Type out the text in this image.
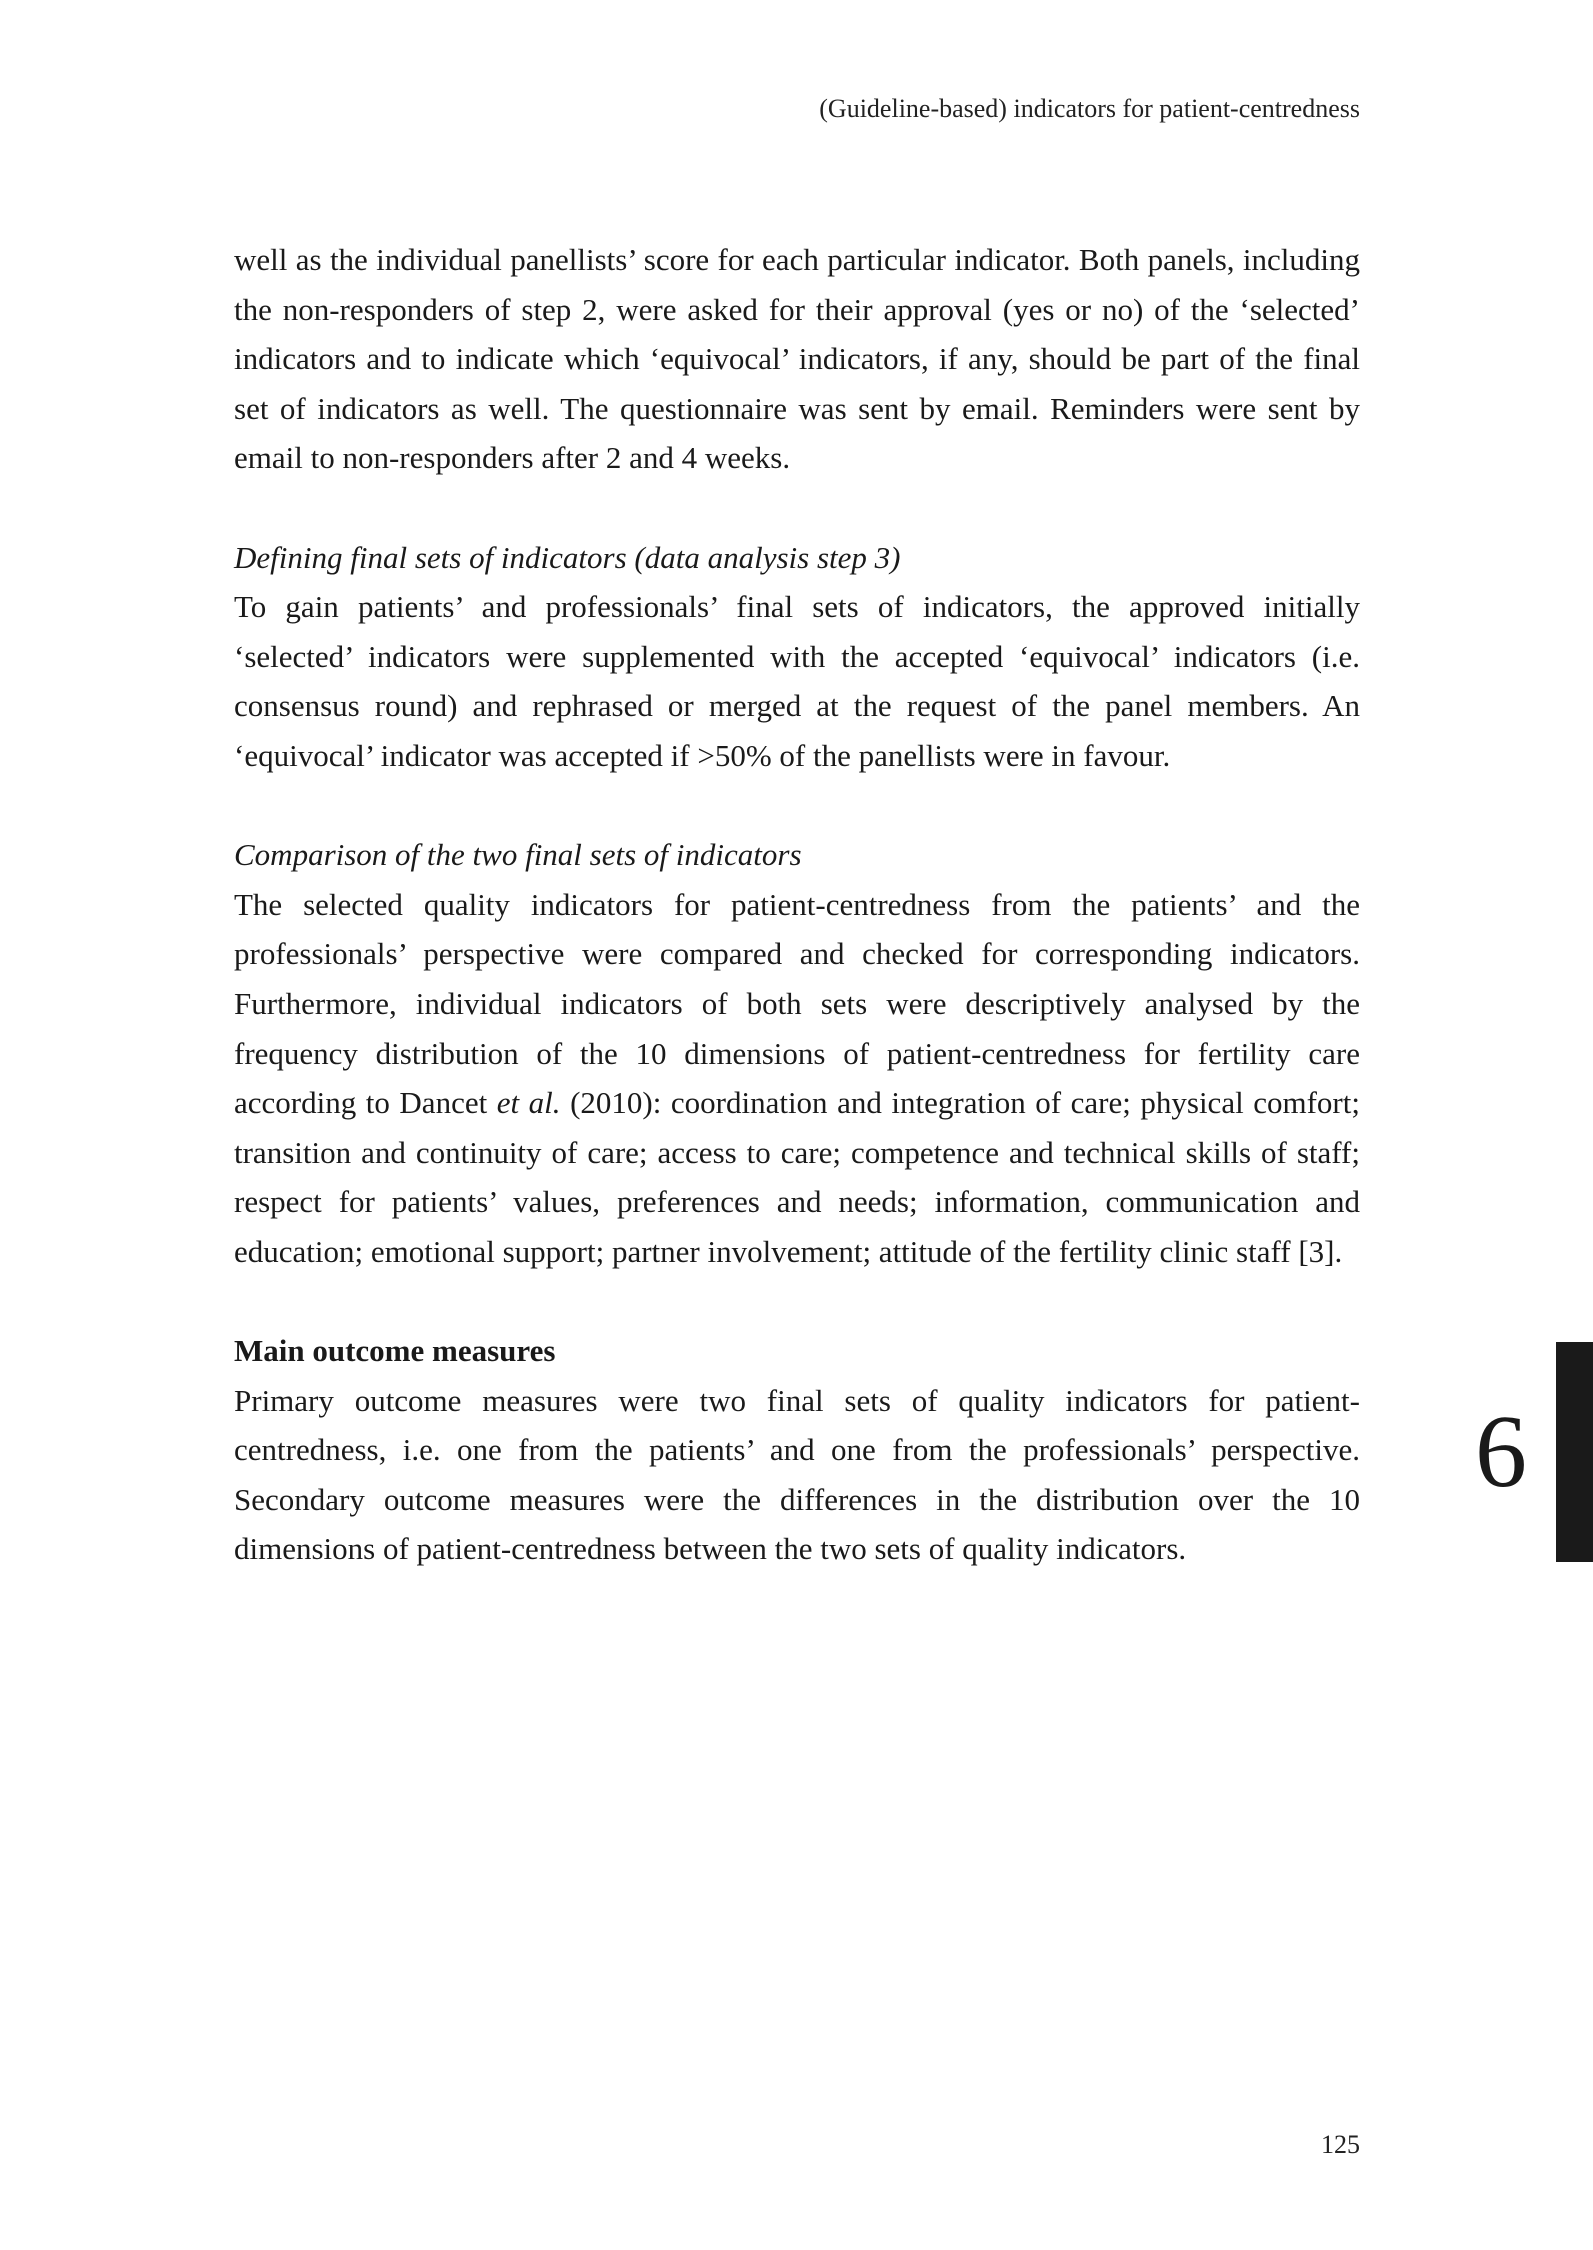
(Guideline-based) indicators for patient-centredness

well as the individual panellists’ score for each particular indicator. Both panels, including the non-responders of step 2, were asked for their approval (yes or no) of the ‘selected’ indicators and to indicate which ‘equivocal’ indicators, if any, should be part of the final set of indicators as well. The questionnaire was sent by email. Reminders were sent by email to non-responders after 2 and 4 weeks.

Defining final sets of indicators (data analysis step 3)

To gain patients’ and professionals’ final sets of indicators, the approved initially ‘selected’ indicators were supplemented with the accepted ‘equivocal’ indicators (i.e. consensus round) and rephrased or merged at the request of the panel members. An ‘equivocal’ indicator was accepted if >50% of the panellists were in favour.

Comparison of the two final sets of indicators

The selected quality indicators for patient-centredness from the patients’ and the professionals’ perspective were compared and checked for corresponding indicators. Furthermore, individual indicators of both sets were descriptively analysed by the frequency distribution of the 10 dimensions of patient-centredness for fertility care according to Dancet et al. (2010): coordination and integration of care; physical comfort; transition and continuity of care; access to care; competence and technical skills of staff; respect for patients’ values, preferences and needs; information, communication and education; emotional support; partner involvement; attitude of the fertility clinic staff [3].

Main outcome measures

Primary outcome measures were two final sets of quality indicators for patient-centredness, i.e. one from the patients’ and one from the professionals’ perspective. Secondary outcome measures were the differences in the distribution over the 10 dimensions of patient-centredness between the two sets of quality indicators.

6
125
